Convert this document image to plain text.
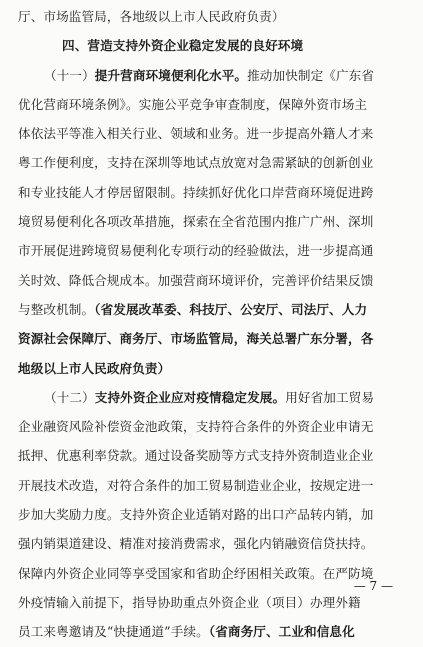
厅、市场监管局，各地级以上市人民政府负责）
四、营造支持外资企业稳定发展的良好环境
（十一）提升营商环境便利化水平。推动加快制定《广东省
优化营商环境条例》。实施公平竞争审查制度，保障外资市场主
体依法平等准入相关行业、领域和业务。进一步提高外籍人才来
粤工作便利度，支持在深圳等地试点放宽对急需紧缺的创新创业
和专业技能人才停居留限制。持续抓好优化口岸营商环境促进跨
境贸易便利化各项改革措施，探索在全省范围内推广广州、深圳
市开展促进跨境贸易便利化专项行动的经验做法，进一步提高通
关时效、降低合规成本。加强营商环境评价，完善评价结果反馈
与整改机制。（省发展改革委、科技厅、公安厅、司法厅、人力
资源社会保障厅、商务厅、市场监管局，海关总署广东分署，各
地级以上市人民政府负责）
（十二）支持外资企业应对疫情稳定发展。用好省加工贸易
企业融资风险补偿资金池政策，支持符合条件的外资企业申请无
抵押、优惠利率贷款。通过设备奖励等方式支持外资制造业企业
开展技术改造，对符合条件的加工贸易制造业企业，按规定进一
步加大奖励力度。支持外资企业适销对路的出口产品转内销，加
强内销渠道建设、精准对接消费需求，强化内销融资信贷扶持。
保障内外资企业同等享受国家和省助企纾困相关政策。在严防境
外疫情输入前提下，指导协助重点外资企业（项目）办理外籍
员工来粤邀请及“快捷通道”手续。（省商务厅、工业和信息化
— 7 —
